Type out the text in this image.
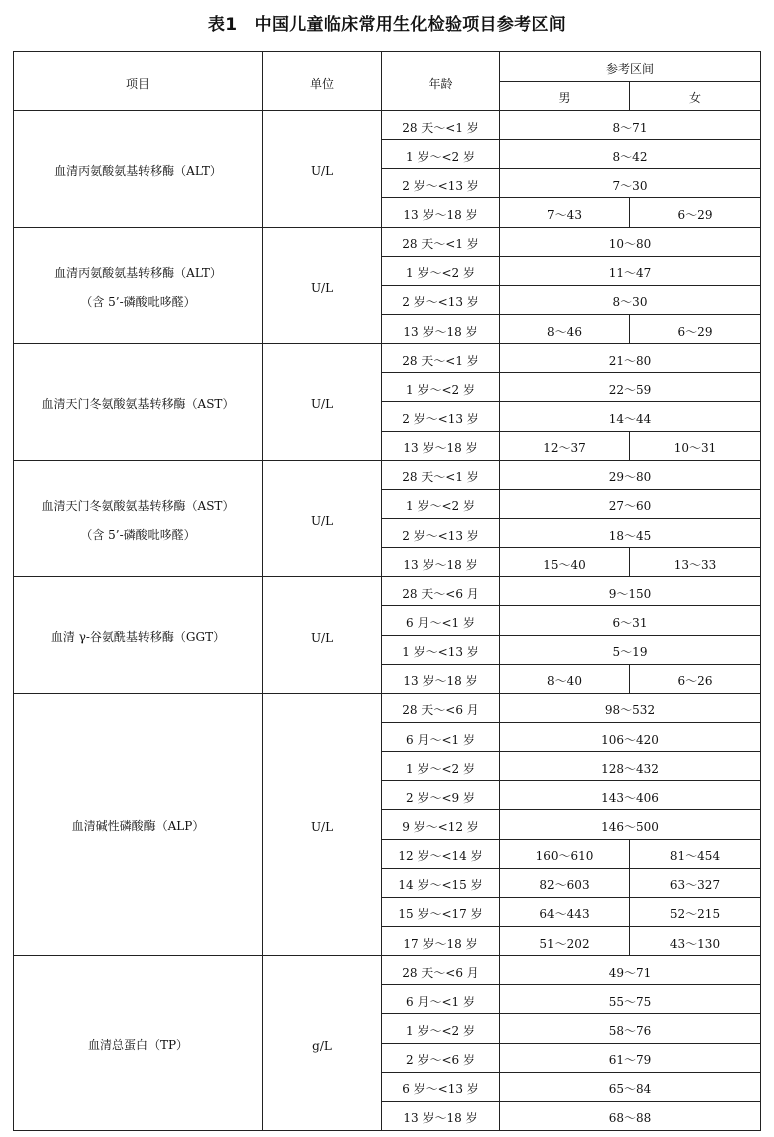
表1　中国儿童临床常用生化检验项目参考区间
项目	单位	年龄	参考区间	
			男	女

血清丙氨酸氨基转移酶（ALT）	U/L	28 天～<1 岁	8～71	
		1 岁～<2 岁	8～42	
		2 岁～<13 岁	7～30	
		13 岁～18 岁	7～43	6～29

血清丙氨酸氨基转移酶（ALT）
（含 5’-磷酸吡哆醛）	U/L	28 天～<1 岁	10～80	
		1 岁～<2 岁	11～47	
		2 岁～<13 岁	8～30	
		13 岁～18 岁	8～46	6～29

血清天门冬氨酸氨基转移酶（AST）	U/L	28 天～<1 岁	21～80	
		1 岁～<2 岁	22～59	
		2 岁～<13 岁	14～44	
		13 岁～18 岁	12～37	10～31

血清天门冬氨酸氨基转移酶（AST）
（含 5’-磷酸吡哆醛）	U/L	28 天～<1 岁	29～80	
		1 岁～<2 岁	27～60	
		2 岁～<13 岁	18～45	
		13 岁～18 岁	15～40	13～33

血清 γ-谷氨酰基转移酶（GGT）	U/L	28 天～<6 月	9～150	
		6 月～<1 岁	6～31	
		1 岁～<13 岁	5～19	
		13 岁～18 岁	8～40	6～26

血清碱性磷酸酶（ALP）	U/L	28 天～<6 月	98～532	
		6 月～<1 岁	106～420	
		1 岁～<2 岁	128～432	
		2 岁～<9 岁	143～406	
		9 岁～<12 岁	146～500	
		12 岁～<14 岁	160～610	81～454
		14 岁～<15 岁	82～603	63～327
		15 岁～<17 岁	64～443	52～215
		17 岁～18 岁	51～202	43～130

血清总蛋白（TP）	g/L	28 天～<6 月	49～71	
		6 月～<1 岁	55～75	
		1 岁～<2 岁	58～76	
		2 岁～<6 岁	61～79	
		6 岁～<13 岁	65～84	
		13 岁～18 岁	68～88	
